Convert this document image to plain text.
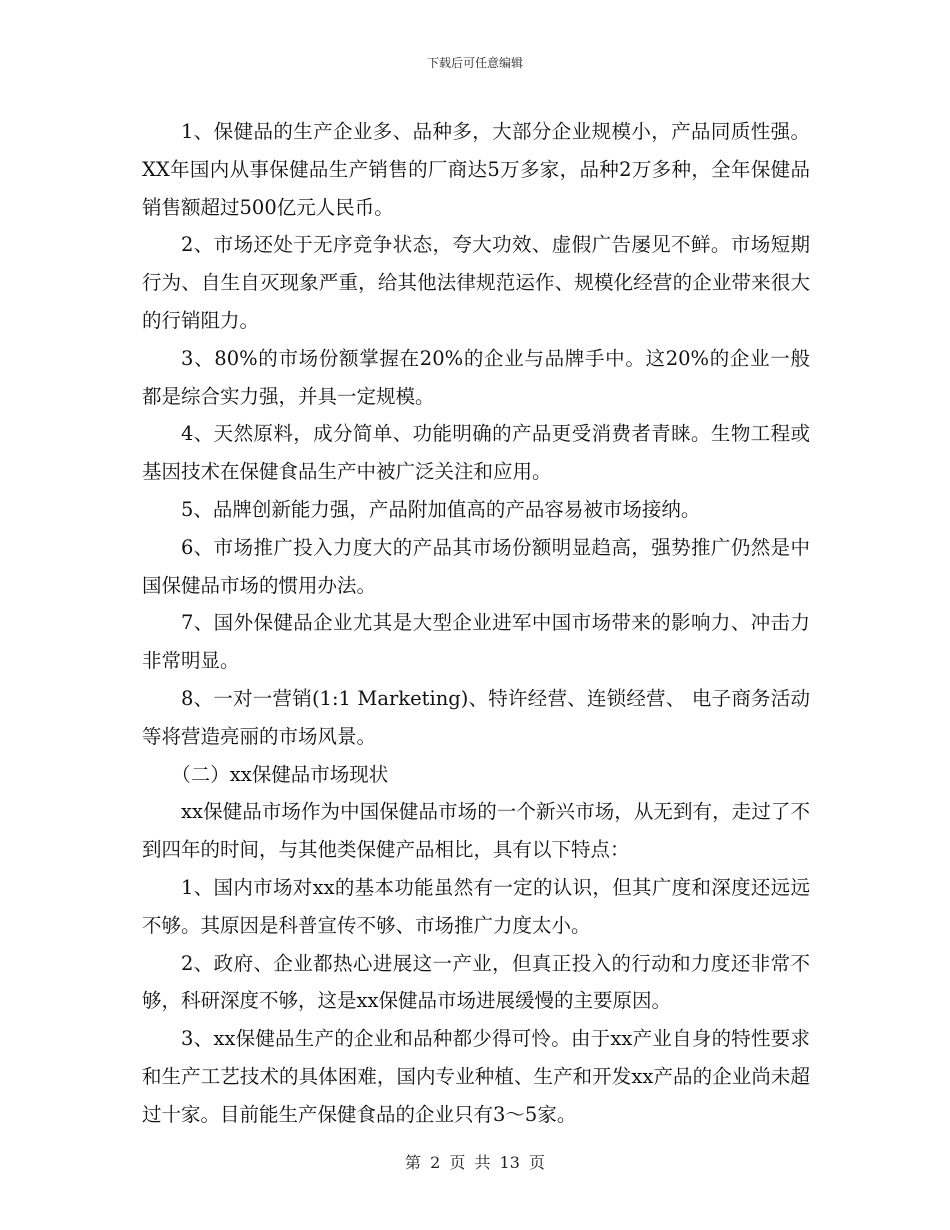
下载后可任意编辑

1、保健品的生产企业多、品种多，大部分企业规模小，产品同质性强。XX年国内从事保健品生产销售的厂商达5万多家，品种2万多种，全年保健品销售额超过500亿元人民币。

2、市场还处于无序竞争状态，夸大功效、虚假广告屡见不鲜。市场短期行为、自生自灭现象严重，给其他法律规范运作、规模化经营的企业带来很大的行销阻力。

3、80%的市场份额掌握在20%的企业与品牌手中。这20%的企业一般都是综合实力强，并具一定规模。

4、天然原料，成分简单、功能明确的产品更受消费者青睐。生物工程或基因技术在保健食品生产中被广泛关注和应用。

5、品牌创新能力强，产品附加值高的产品容易被市场接纳。

6、市场推广投入力度大的产品其市场份额明显趋高，强势推广仍然是中国保健品市场的惯用办法。

7、国外保健品企业尤其是大型企业进军中国市场带来的影响力、冲击力非常明显。

8、一对一营销(1:1 Marketing)、特许经营、连锁经营、 电子商务活动等将营造亮丽的市场风景。

（二）xx保健品市场现状

xx保健品市场作为中国保健品市场的一个新兴市场，从无到有，走过了不到四年的时间，与其他类保健产品相比，具有以下特点：

1、国内市场对xx的基本功能虽然有一定的认识，但其广度和深度还远远不够。其原因是科普宣传不够、市场推广力度太小。

2、政府、企业都热心进展这一产业，但真正投入的行动和力度还非常不够，科研深度不够，这是xx保健品市场进展缓慢的主要原因。

3、xx保健品生产的企业和品种都少得可怜。由于xx产业自身的特性要求和生产工艺技术的具体困难，国内专业种植、生产和开发xx产品的企业尚未超过十家。目前能生产保健食品的企业只有3～5家。

第 2 页 共 13 页
